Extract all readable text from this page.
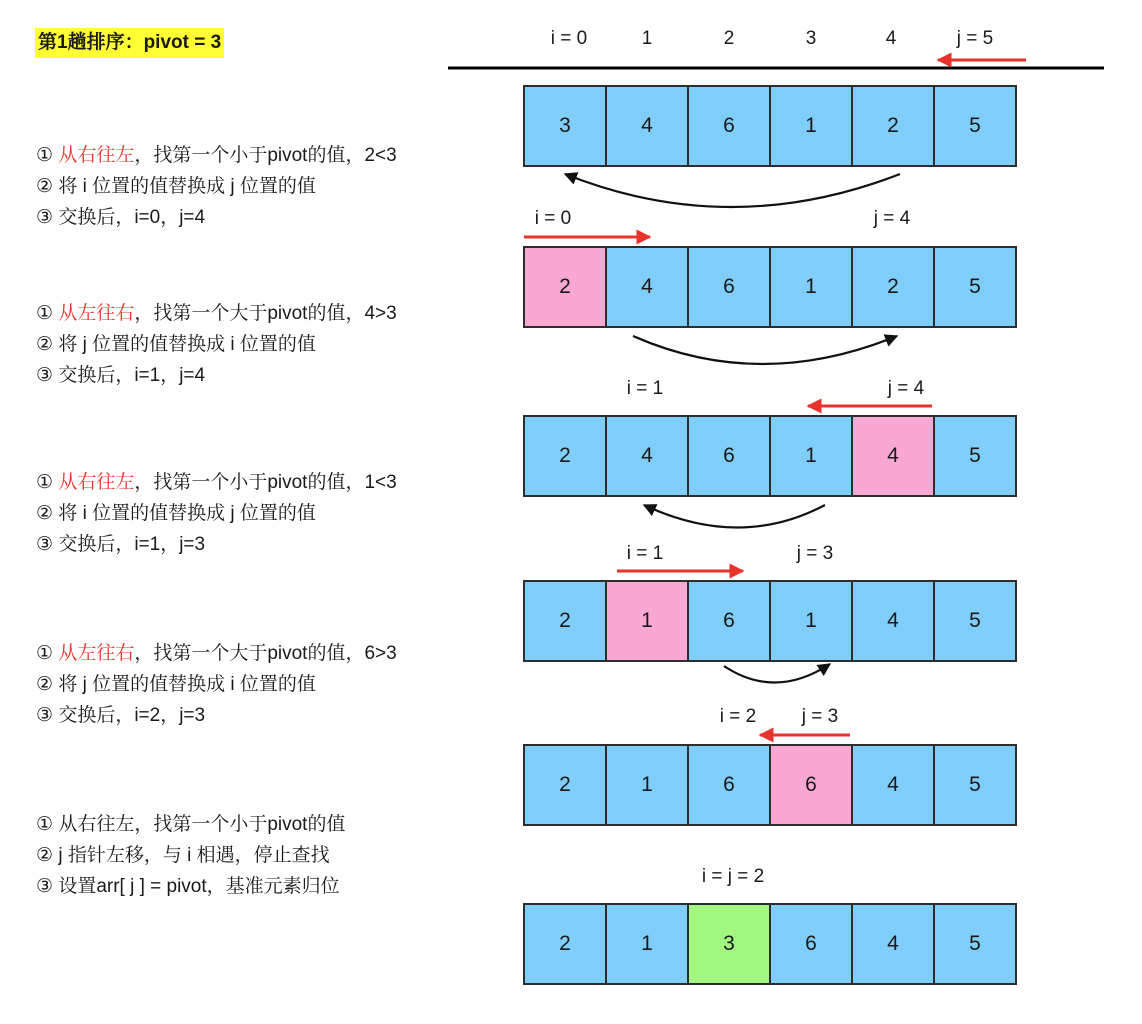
第1趟排序：pivot = 3	i = 0	1	2	3	4	j = 5
① 从右往左，找第一个小于pivot的值，2<3
② 将 i 位置的值替换成 j 位置的值
③ 交换后，i=0，j=4
① 从左往右，找第一个大于pivot的值，4>3
② 将 j 位置的值替换成 i 位置的值
③ 交换后，i=1，j=4
① 从右往左，找第一个小于pivot的值，1<3
② 将 i 位置的值替换成 j 位置的值
③ 交换后，i=1，j=3
① 从左往右，找第一个大于pivot的值，6>3
② 将 j 位置的值替换成 i 位置的值
③ 交换后，i=2，j=3
① 从右往左，找第一个小于pivot的值
② j 指针左移，与 i 相遇，停止查找
③ 设置arr[ j ] = pivot，基准元素归位
3	4	6	1	2	5
2	4	6	1	2	5
2	4	6	1	4	5
2	1	6	1	4	5
2	1	6	6	4	5
2	1	3	6	4	5
i = 0	j = 4
i = 1	j = 4
i = 1	j = 3
i = 2 j = 3
i = j = 2
